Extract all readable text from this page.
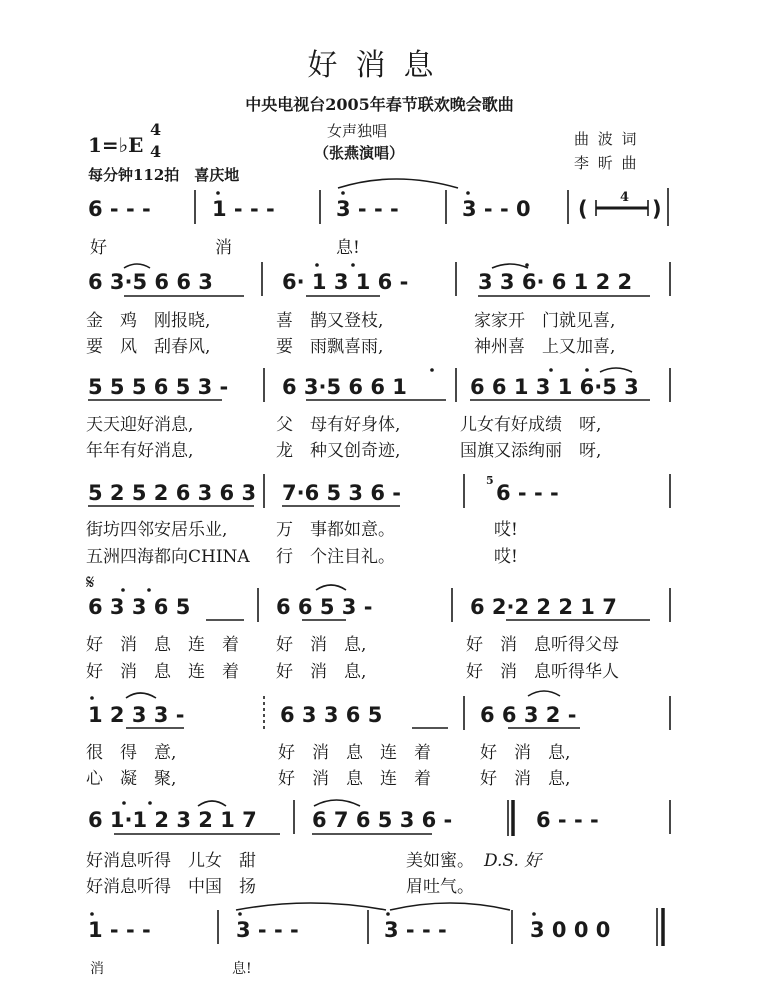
好消息
中央电视台2005年春节联欢晚会歌曲
女声独唱
（张燕演唱）
曲 波 词
李 昕 曲
1=♭E
4
4
每分钟112拍　喜庆地
6 - - -	1 - - -	3 - - -	3 - - 0 ( 4 )
好	消	息!
6 3·5 6 6 3	6· 1 3 1 6 -	3 3 6· 6 1 2 2
金　鸡　刚报晓,	喜　鹊又登枝,	家家开　门就见喜,
要　风　刮春风,	要　雨飘喜雨,	神州喜　上又加喜,
5 5 5 6 5 3 -	6 3·5 6 6 1	6 6 1 3 1 6·5 3
天天迎好消息,	父　母有好身体,	儿女有好成绩　呀,
年年有好消息,	龙　种又创奇迹,	国旗又添绚丽　呀,
5 2 5 2 6 3 6 3 7·6 5 3 6 -
5
6 - - -
街坊四邻安居乐业,	万　事都如意。	哎!
五洲四海都向CHINA 行　个注目礼。	哎!
𝄋
6 3 3 6 5	6 6 5 3 -	6 2·2 2 2 1 7
好　消　息　连　着 好　消　息,	好　消　息听得父母
好　消　息　连　着 好　消　息,	好　消　息听得华人
1 2 3 3 -	6 3 3 6 5	6 6 3 2 -
很　得　意,	好　消　息　连　着	好　消　息,
心　凝　聚,	好　消　息　连　着	好　消　息,
6 1·1 2 3 2 1 7	6 7 6 5 3 6 -	6 - - -
好消息听得　儿女　甜	美如蜜。 D.S. 好
好消息听得　中国　扬	眉吐气。
1 - - -	3 - - -	3 - - -	3 0 0 0
消	息!
